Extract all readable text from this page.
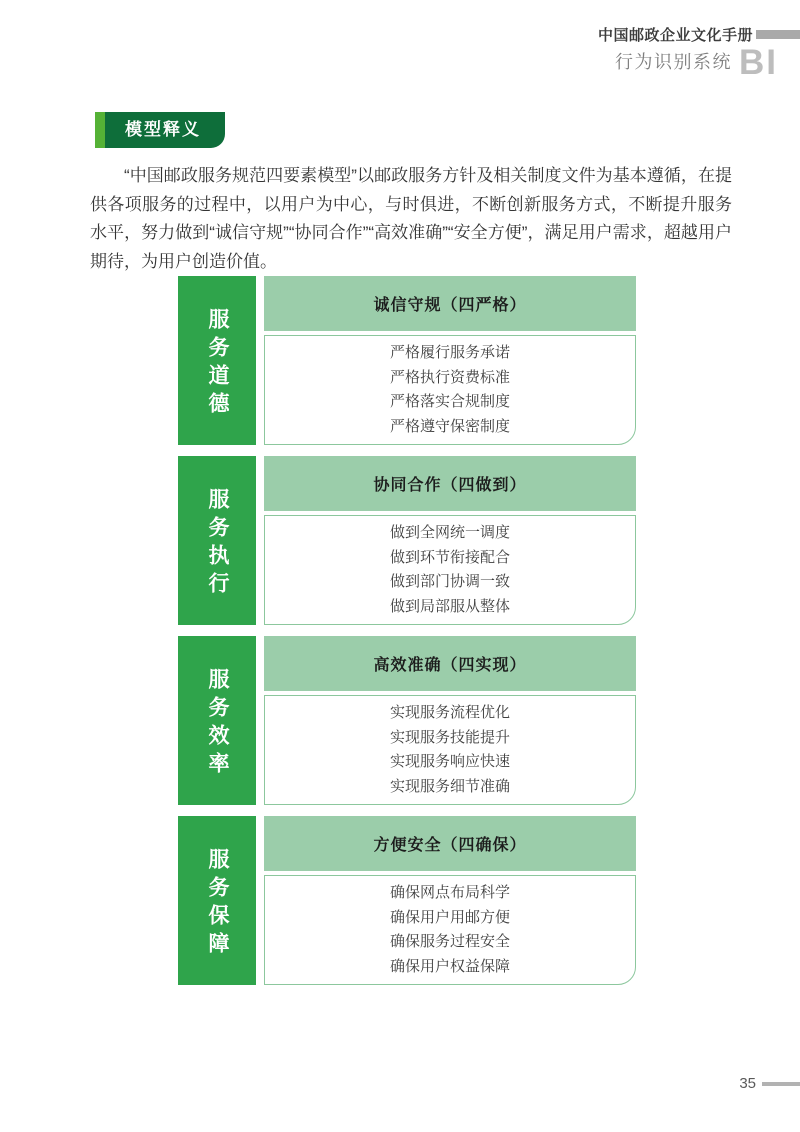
中国邮政企业文化手册
行为识别系统 BI
模型释义

“中国邮政服务规范四要素模型”以邮政服务方针及相关制度文件为基本遵循，在提供各项服务的过程中，以用户为中心，与时俱进，不断创新服务方式，不断提升服务水平，努力做到“诚信守规”“协同合作”“高效准确”“安全方便”，满足用户需求，超越用户期待，为用户创造价值。

服务道德
诚信守规（四严格）
严格履行服务承诺
严格执行资费标准
严格落实合规制度
严格遵守保密制度
服务执行
协同合作（四做到）
做到全网统一调度
做到环节衔接配合
做到部门协调一致
做到局部服从整体
服务效率
高效准确（四实现）
实现服务流程优化
实现服务技能提升
实现服务响应快速
实现服务细节准确
服务保障
方便安全（四确保）
确保网点布局科学
确保用户用邮方便
确保服务过程安全
确保用户权益保障
35
